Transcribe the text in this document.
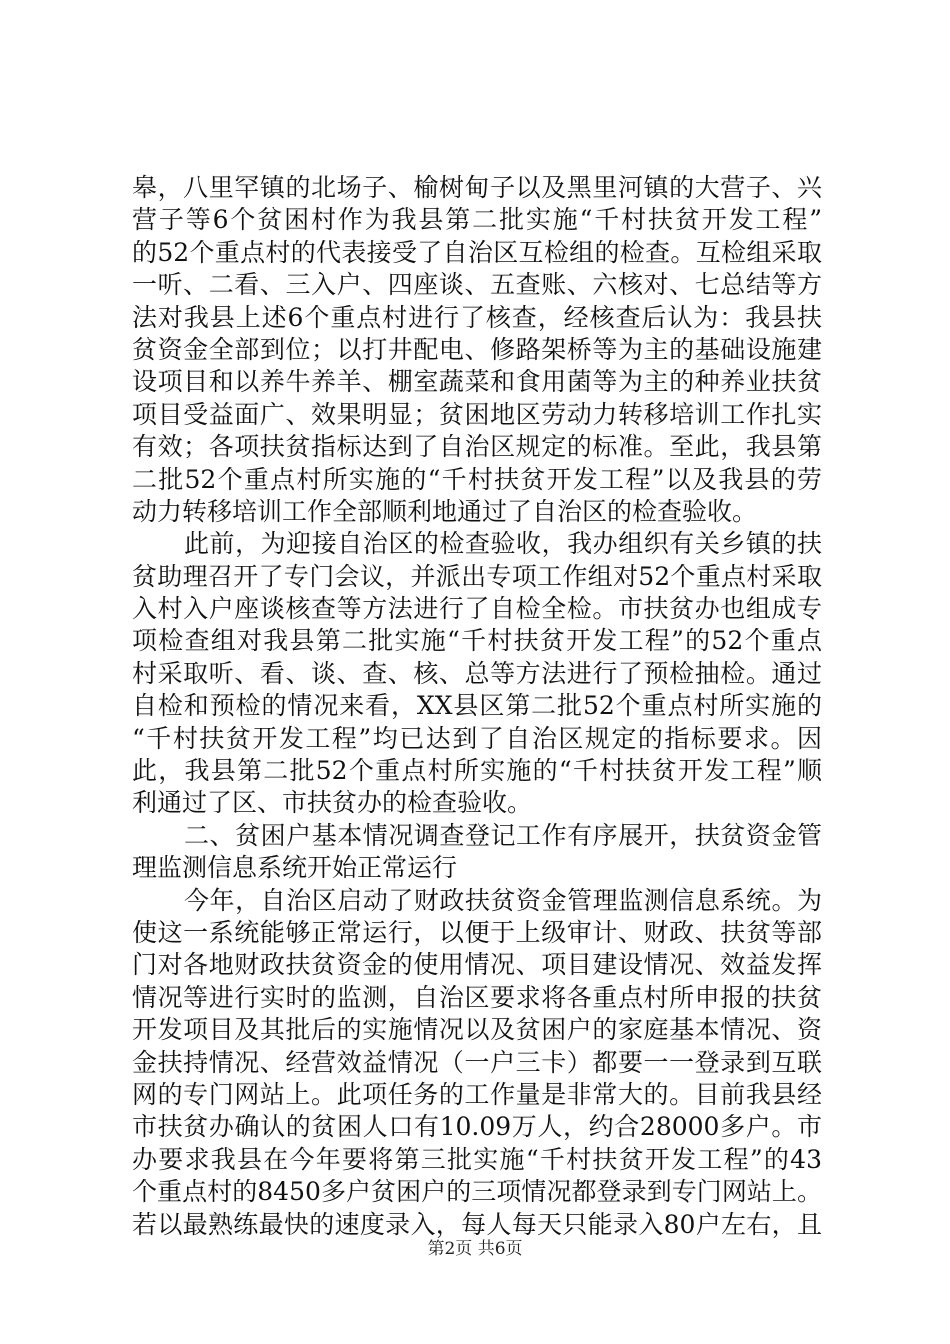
皋，八里罕镇的北场子、榆树甸子以及黑里河镇的大营子、兴
营子等6个贫困村作为我县第二批实施“千村扶贫开发工程”
的52个重点村的代表接受了自治区互检组的检查。互检组采取
一听、二看、三入户、四座谈、五查账、六核对、七总结等方
法对我县上述6个重点村进行了核查，经核查后认为：我县扶
贫资金全部到位；以打井配电、修路架桥等为主的基础设施建
设项目和以养牛养羊、棚室蔬菜和食用菌等为主的种养业扶贫
项目受益面广、效果明显；贫困地区劳动力转移培训工作扎实
有效；各项扶贫指标达到了自治区规定的标准。至此，我县第
二批52个重点村所实施的“千村扶贫开发工程”以及我县的劳
动力转移培训工作全部顺利地通过了自治区的检查验收。
此前，为迎接自治区的检查验收，我办组织有关乡镇的扶
贫助理召开了专门会议，并派出专项工作组对52个重点村采取
入村入户座谈核查等方法进行了自检全检。市扶贫办也组成专
项检查组对我县第二批实施“千村扶贫开发工程”的52个重点
村采取听、看、谈、查、核、总等方法进行了预检抽检。通过
自检和预检的情况来看，XX县区第二批52个重点村所实施的
“千村扶贫开发工程”均已达到了自治区规定的指标要求。因
此，我县第二批52个重点村所实施的“千村扶贫开发工程”顺
利通过了区、市扶贫办的检查验收。
二、贫困户基本情况调查登记工作有序展开，扶贫资金管
理监测信息系统开始正常运行
今年，自治区启动了财政扶贫资金管理监测信息系统。为
使这一系统能够正常运行，以便于上级审计、财政、扶贫等部
门对各地财政扶贫资金的使用情况、项目建设情况、效益发挥
情况等进行实时的监测，自治区要求将各重点村所申报的扶贫
开发项目及其批后的实施情况以及贫困户的家庭基本情况、资
金扶持情况、经营效益情况（一户三卡）都要一一登录到互联
网的专门网站上。此项任务的工作量是非常大的。目前我县经
市扶贫办确认的贫困人口有10.09万人，约合28000多户。市
办要求我县在今年要将第三批实施“千村扶贫开发工程”的43
个重点村的8450多户贫困户的三项情况都登录到专门网站上。
若以最熟练最快的速度录入，每人每天只能录入80户左右，且
第2页 共6页
